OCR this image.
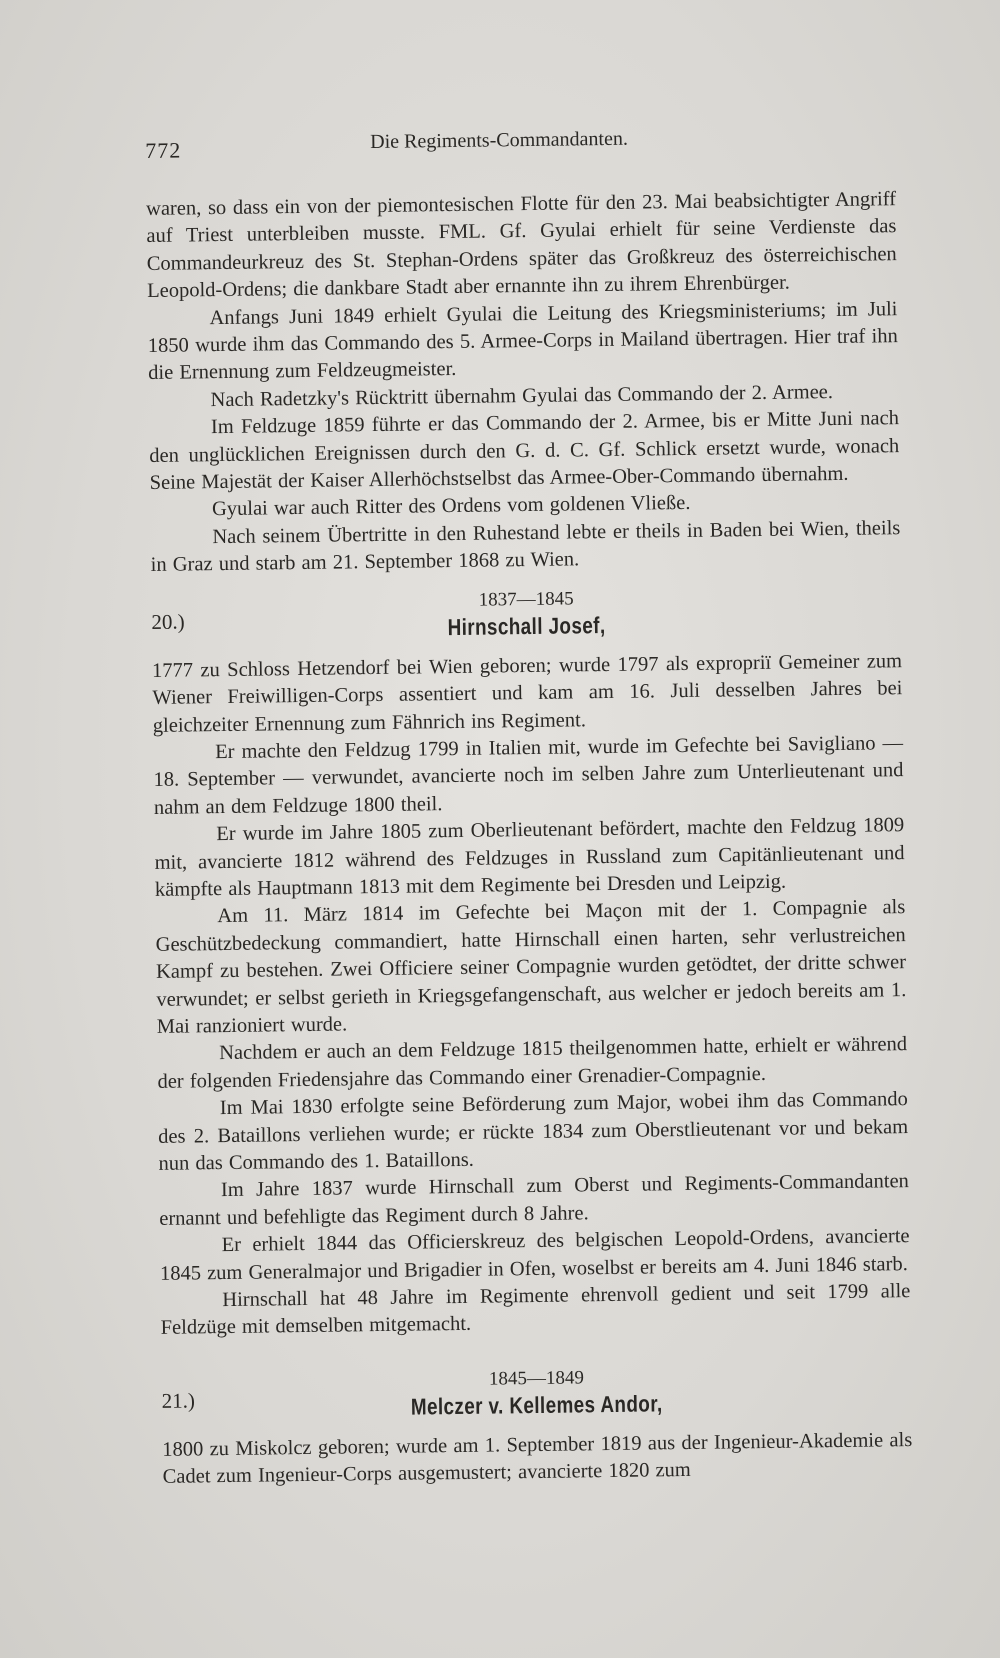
772	Die Regiments-Commandanten.

waren, so dass ein von der piemontesischen Flotte für den 23. Mai beabsichtigter Angriff auf Triest unterbleiben musste. FML. Gf. Gyulai erhielt für seine Verdienste das Commandeurkreuz des St. Stephan-Ordens später das Großkreuz des österreichischen Leopold-Ordens; die dankbare Stadt aber ernannte ihn zu ihrem Ehrenbürger.

Anfangs Juni 1849 erhielt Gyulai die Leitung des Kriegsministeriums; im Juli 1850 wurde ihm das Commando des 5. Armee-Corps in Mailand übertragen. Hier traf ihn die Ernennung zum Feldzeugmeister.

Nach Radetzky's Rücktritt übernahm Gyulai das Commando der 2. Armee.

Im Feldzuge 1859 führte er das Commando der 2. Armee, bis er Mitte Juni nach den unglücklichen Ereignissen durch den G. d. C. Gf. Schlick ersetzt wurde, wonach Seine Majestät der Kaiser Allerhöchstselbst das Armee-Ober-Commando übernahm.

Gyulai war auch Ritter des Ordens vom goldenen Vließe.

Nach seinem Übertritte in den Ruhestand lebte er theils in Baden bei Wien, theils in Graz und starb am 21. September 1868 zu Wien.

20.)
1837—1845
Hirnschall Josef,

1777 zu Schloss Hetzendorf bei Wien geboren; wurde 1797 als expropriï Gemeiner zum Wiener Freiwilligen-Corps assentiert und kam am 16. Juli desselben Jahres bei gleichzeiter Ernennung zum Fähnrich ins Regiment.

Er machte den Feldzug 1799 in Italien mit, wurde im Gefechte bei Savigliano — 18. September — verwundet, avancierte noch im selben Jahre zum Unterlieutenant und nahm an dem Feldzuge 1800 theil.

Er wurde im Jahre 1805 zum Oberlieutenant befördert, machte den Feldzug 1809 mit, avancierte 1812 während des Feldzuges in Russland zum Capitänlieutenant und kämpfte als Hauptmann 1813 mit dem Regimente bei Dresden und Leipzig.

Am 11. März 1814 im Gefechte bei Maçon mit der 1. Compagnie als Geschützbedeckung commandiert, hatte Hirnschall einen harten, sehr verlustreichen Kampf zu bestehen. Zwei Officiere seiner Compagnie wurden getödtet, der dritte schwer verwundet; er selbst gerieth in Kriegsgefangenschaft, aus welcher er jedoch bereits am 1. Mai ranzioniert wurde.

Nachdem er auch an dem Feldzuge 1815 theilgenommen hatte, erhielt er während der folgenden Friedensjahre das Commando einer Grenadier-Compagnie.

Im Mai 1830 erfolgte seine Beförderung zum Major, wobei ihm das Commando des 2. Bataillons verliehen wurde; er rückte 1834 zum Oberstlieutenant vor und bekam nun das Commando des 1. Bataillons.

Im Jahre 1837 wurde Hirnschall zum Oberst und Regiments-Commandanten ernannt und befehligte das Regiment durch 8 Jahre.

Er erhielt 1844 das Officierskreuz des belgischen Leopold-Ordens, avancierte 1845 zum Generalmajor und Brigadier in Ofen, woselbst er bereits am 4. Juni 1846 starb.

Hirnschall hat 48 Jahre im Regimente ehrenvoll gedient und seit 1799 alle Feldzüge mit demselben mitgemacht.

21.)
1845—1849
Melczer v. Kellemes Andor,

1800 zu Miskolcz geboren; wurde am 1. September 1819 aus der Ingenieur-Akademie als Cadet zum Ingenieur-Corps ausgemustert; avancierte 1820 zum
